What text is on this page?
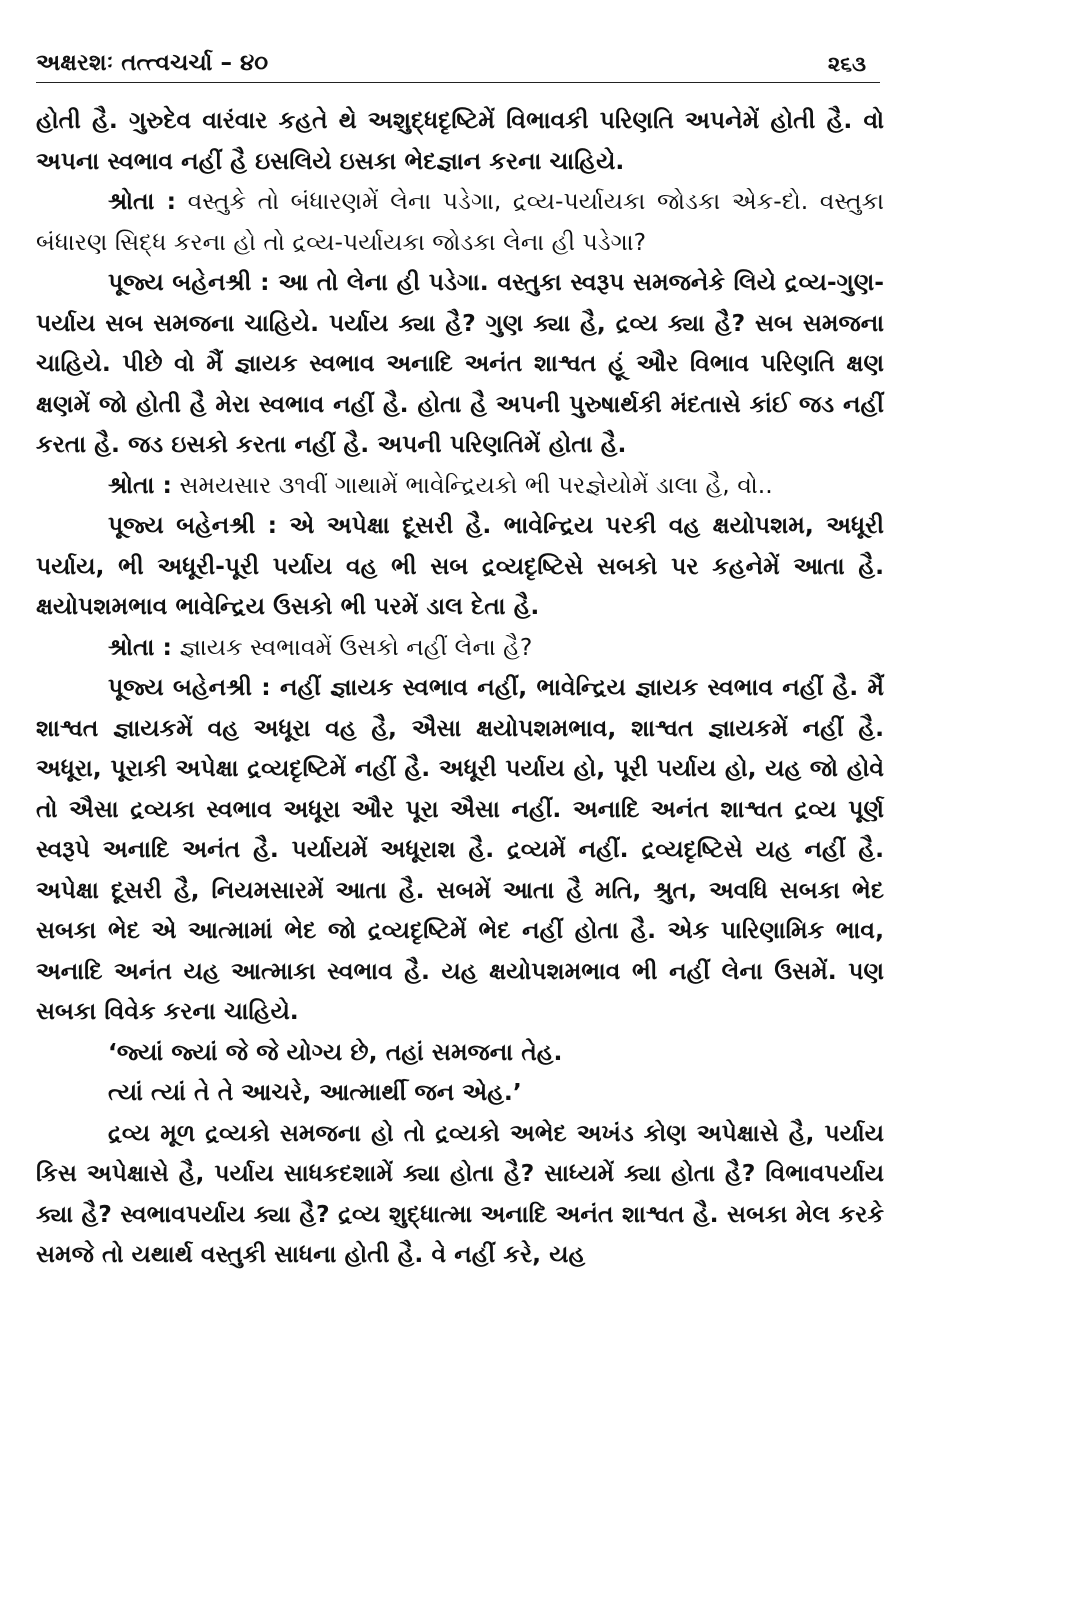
અક્ષરશઃ તત્ત્વચર્ચા – ૪૦	૨૬૩

હોતી હૈ. ગુરુદેવ વારંવાર કહતે થે અશુદ્ધદૃષ્ટિમેં વિભાવકી પરિણતિ અપનેમેં હોતી હૈ. વો અપના સ્વભાવ નહીં હૈ ઇસલિયે ઇસકા ભેદજ્ઞાન કરના ચાહિયે.

શ્રોતા : વસ્તુકે તો બંધારણમેં લેના પડેગા, દ્રવ્ય-પર્યાયકા જોડકા એક-દો. વસ્તુકા બંધારણ સિદ્ધ કરના હો તો દ્રવ્ય-પર્યાયકા જોડકા લેના હી પડેગા?

પૂજ્ય બહેનશ્રી : આ તો લેના હી પડેગા. વસ્તુકા સ્વરૂપ સમજનેકે લિયે દ્રવ્ય-ગુણ-પર્યાય સબ સમજના ચાહિયે. પર્યાય ક્યા હૈ? ગુણ ક્યા હૈ, દ્રવ્ય ક્યા હૈ? સબ સમજના ચાહિયે. પીછે વો મૈં જ્ઞાયક સ્વભાવ અનાદિ અનંત શાશ્વત હૂં ઔર વિભાવ પરિણતિ ક્ષણ ક્ષણમેં જો હોતી હૈ મેરા સ્વભાવ નહીં હૈ. હોતા હૈ અપની પુરુષાર્થકી મંદતાસે કાંઈ જડ નહીં કરતા હૈ. જડ ઇસકો કરતા નહીં હૈ. અપની પરિણતિમેં હોતા હૈ.

શ્રોતા : સમયસાર ૩૧વીં ગાથામેં ભાવેન્દ્રિયકો ભી પરજ્ઞેયોમેં ડાલા હૈ, વો..

પૂજ્ય બહેનશ્રી : એ અપેક્ષા દૂસરી હૈ. ભાવેન્દ્રિય પરકી વહ ક્ષયોપશમ, અધૂરી પર્યાય, ભી અધૂરી-પૂરી પર્યાય વહ ભી સબ દ્રવ્યદૃષ્ટિસે સબકો પર કહનેમેં આતા હૈ. ક્ષયોપશમભાવ ભાવેન્દ્રિય ઉસકો ભી પરમેં ડાલ દેતા હૈ.

શ્રોતા : જ્ઞાયક સ્વભાવમેં ઉસકો નહીં લેના હૈ?

પૂજ્ય બહેનશ્રી : નહીં જ્ઞાયક સ્વભાવ નહીં, ભાવેન્દ્રિય જ્ઞાયક સ્વભાવ નહીં હૈ. મૈં શાશ્વત જ્ઞાયકમેં વહ અધૂરા વહ હૈ, ઐસા ક્ષયોપશમભાવ, શાશ્વત જ્ઞાયકમેં નહીં હૈ. અધૂરા, પૂરાકી અપેક્ષા દ્રવ્યદૃષ્ટિમેં નહીં હૈ. અધૂરી પર્યાય હો, પૂરી પર્યાય હો, યહ જો હોવે તો ઐસા દ્રવ્યકા સ્વભાવ અધૂરા ઔર પૂરા ઐસા નહીં. અનાદિ અનંત શાશ્વત દ્રવ્ય પૂર્ણ સ્વરૂપે અનાદિ અનંત હૈ. પર્યાયમેં અધૂરાશ હૈ. દ્રવ્યમેં નહીં. દ્રવ્યદૃષ્ટિસે યહ નહીં હૈ. અપેક્ષા દૂસરી હૈ, નિયમસારમેં આતા હૈ. સબમેં આતા હૈ મતિ, શ્રુત, અવધિ સબકા ભેદ સબકા ભેદ એ આત્મામાં ભેદ જો દ્રવ્યદૃષ્ટિમેં ભેદ નહીં હોતા હૈ. એક પારિણામિક ભાવ, અનાદિ અનંત યહ આત્માકા સ્વભાવ હૈ. યહ ક્ષયોપશમભાવ ભી નહીં લેના ઉસમેં. પણ સબકા વિવેક કરના ચાહિયે.

‘જ્યાં જ્યાં જે જે યોગ્ય છે, તહાં સમજના તેહ.

ત્યાં ત્યાં તે તે આચરે, આત્માર્થી જન એહ.’

દ્રવ્ય મૂળ દ્રવ્યકો સમજના હો તો દ્રવ્યકો અભેદ અખંડ કોણ અપેક્ષાસે હૈ, પર્યાય કિસ અપેક્ષાસે હૈ, પર્યાય સાધકદશામેં ક્યા હોતા હૈ? સાધ્યમેં ક્યા હોતા હૈ? વિભાવપર્યાય ક્યા હૈ? સ્વભાવપર્યાય ક્યા હૈ? દ્રવ્ય શુદ્ધાત્મા અનાદિ અનંત શાશ્વત હૈ. સબકા મેલ કરકે સમજે તો યથાર્થ વસ્તુકી સાધના હોતી હૈ. વે નહીં કરે, યહ
